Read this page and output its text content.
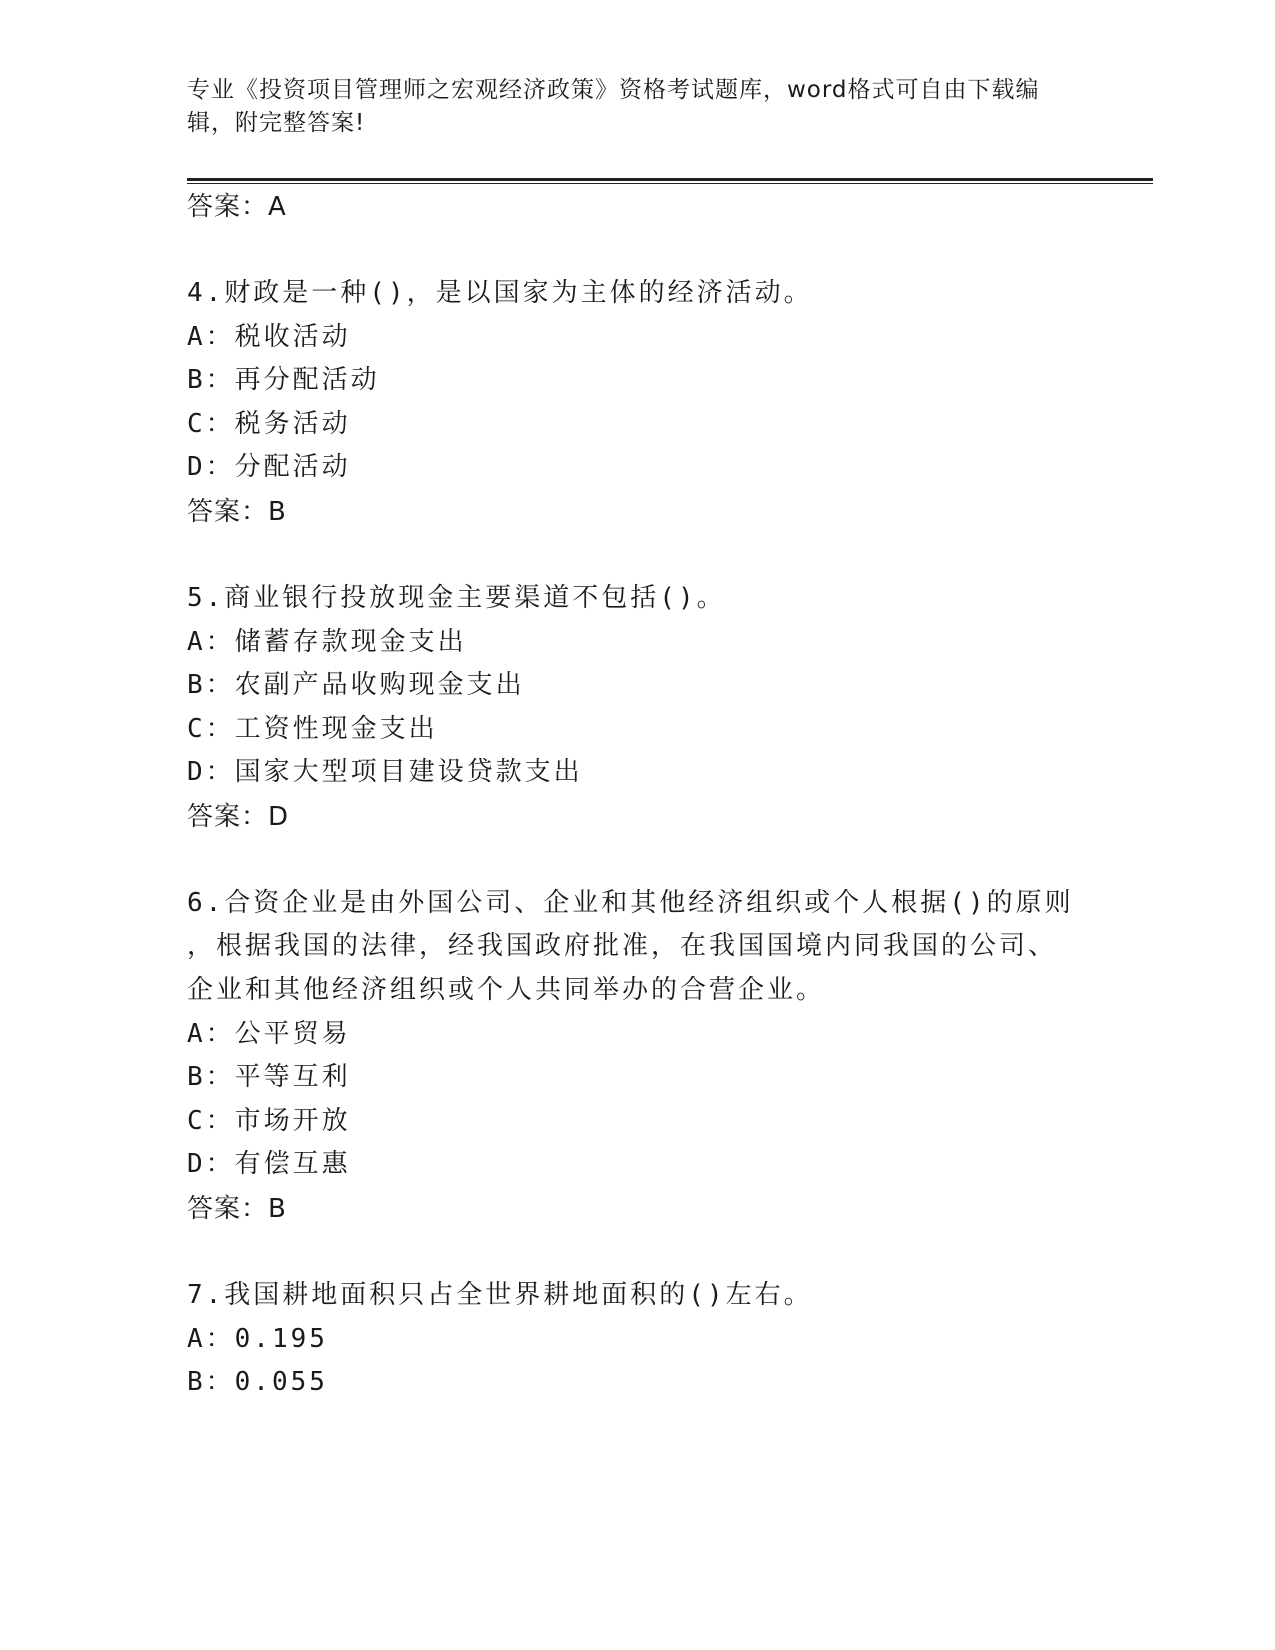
专业《投资项目管理师之宏观经济政策》资格考试题库，word格式可自由下载编辑，附完整答案!
答案：A
4.财政是一种()，是以国家为主体的经济活动。
A：税收活动
B：再分配活动
C：税务活动
D：分配活动
答案：B
5.商业银行投放现金主要渠道不包括()。
A：储蓄存款现金支出
B：农副产品收购现金支出
C：工资性现金支出
D：国家大型项目建设贷款支出
答案：D
6.合资企业是由外国公司、企业和其他经济组织或个人根据()的原则
，根据我国的法律，经我国政府批准，在我国国境内同我国的公司、
企业和其他经济组织或个人共同举办的合营企业。
A：公平贸易
B：平等互利
C：市场开放
D：有偿互惠
答案：B
7.我国耕地面积只占全世界耕地面积的()左右。
A：0.195
B：0.055
